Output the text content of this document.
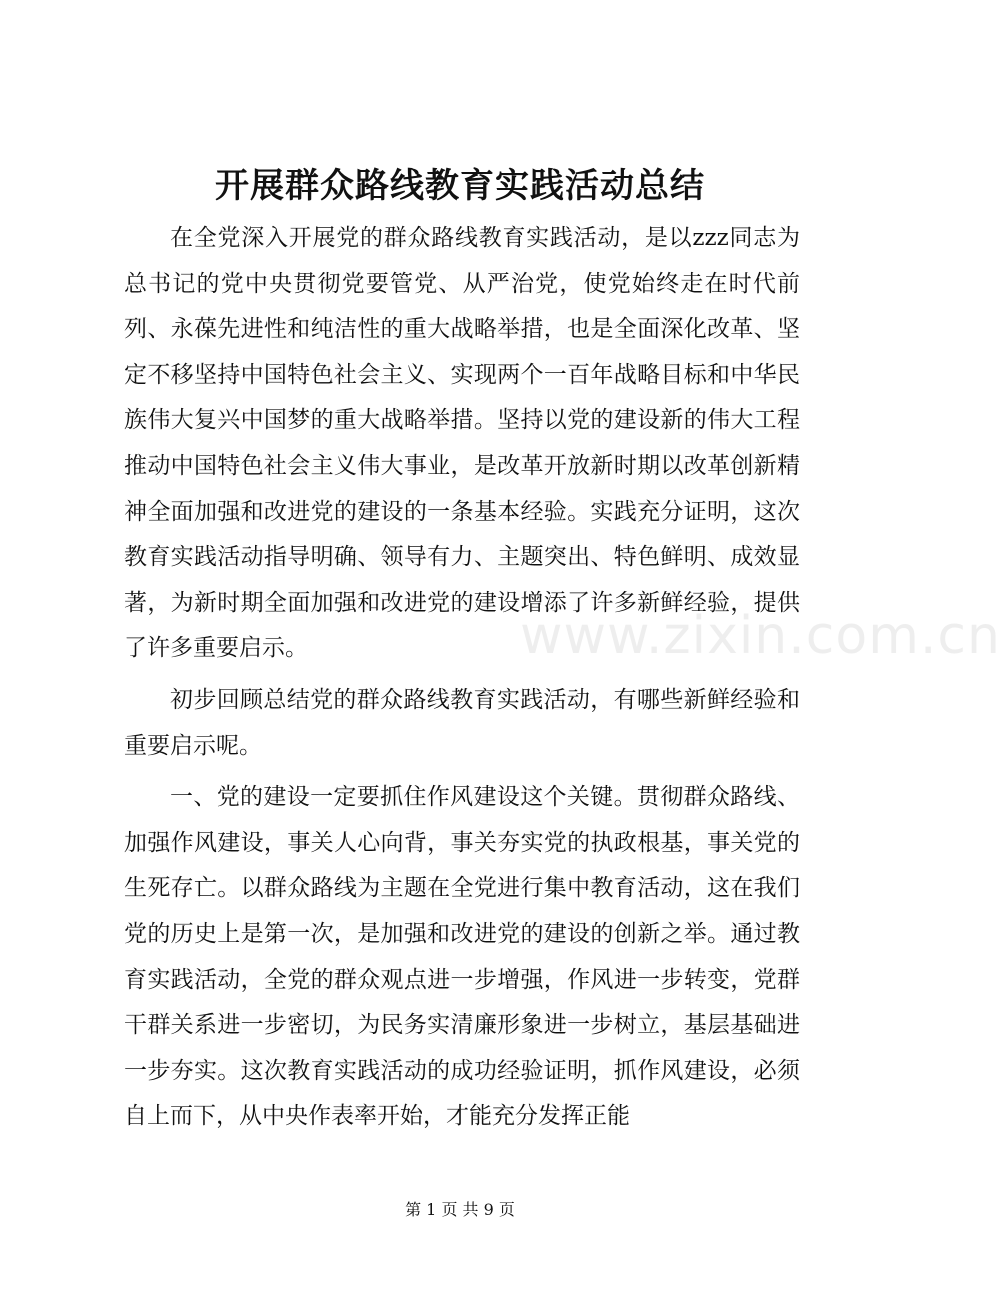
开展群众路线教育实践活动总结

在全党深入开展党的群众路线教育实践活动，是以zzz同志为总书记的党中央贯彻党要管党、从严治党，使党始终走在时代前列、永葆先进性和纯洁性的重大战略举措，也是全面深化改革、坚定不移坚持中国特色社会主义、实现两个一百年战略目标和中华民族伟大复兴中国梦的重大战略举措。坚持以党的建设新的伟大工程推动中国特色社会主义伟大事业，是改革开放新时期以改革创新精神全面加强和改进党的建设的一条基本经验。实践充分证明，这次教育实践活动指导明确、领导有力、主题突出、特色鲜明、成效显著，为新时期全面加强和改进党的建设增添了许多新鲜经验，提供了许多重要启示。

初步回顾总结党的群众路线教育实践活动，有哪些新鲜经验和重要启示呢。

一、党的建设一定要抓住作风建设这个关键。贯彻群众路线、加强作风建设，事关人心向背，事关夯实党的执政根基，事关党的生死存亡。以群众路线为主题在全党进行集中教育活动，这在我们党的历史上是第一次，是加强和改进党的建设的创新之举。通过教育实践活动，全党的群众观点进一步增强，作风进一步转变，党群干群关系进一步密切，为民务实清廉形象进一步树立，基层基础进一步夯实。这次教育实践活动的成功经验证明，抓作风建设，必须自上而下，从中央作表率开始，才能充分发挥正能

www.zixin.com.cn
第 1 页 共 9 页
